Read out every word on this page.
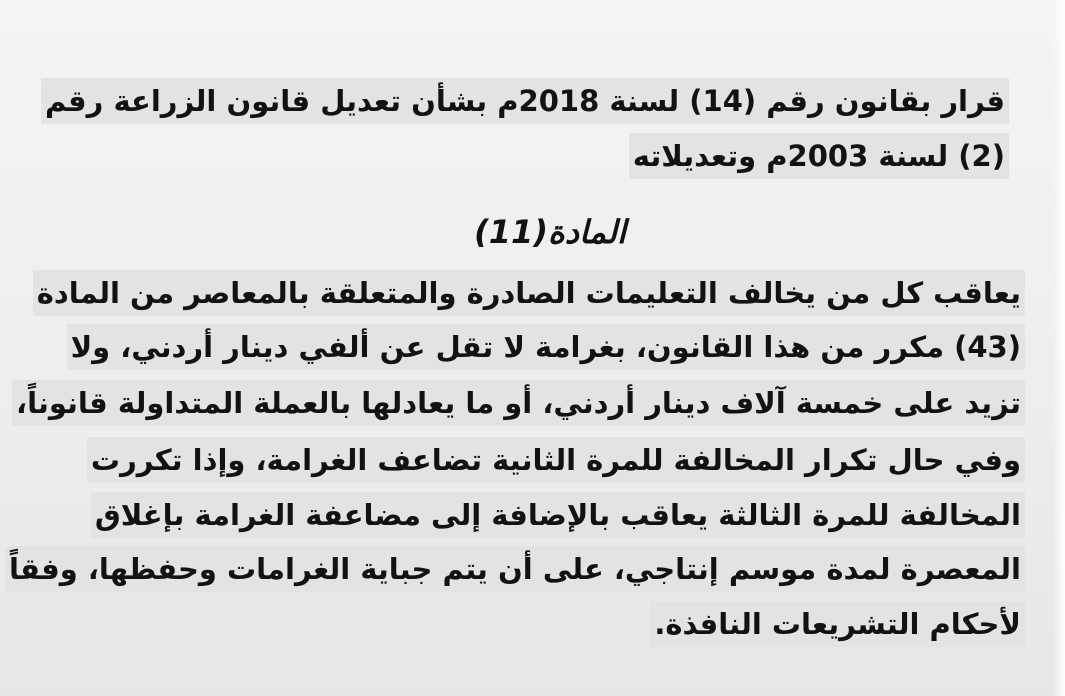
قرار بقانون رقم (14) لسنة 2018م بشأن تعديل قانون الزراعة رقم
(2) لسنة 2003م وتعديلاته
المادة(11)
يعاقب كل من يخالف التعليمات الصادرة والمتعلقة بالمعاصر من المادة
(43) مكرر من هذا القانون، بغرامة لا تقل عن ألفي دينار أردني، ولا
تزيد على خمسة آلاف دينار أردني، أو ما يعادلها بالعملة المتداولة قانوناً،
وفي حال تكرار المخالفة للمرة الثانية تضاعف الغرامة، وإذا تكررت
المخالفة للمرة الثالثة يعاقب بالإضافة إلى مضاعفة الغرامة بإغلاق
المعصرة لمدة موسم إنتاجي، على أن يتم جباية الغرامات وحفظها، وفقاً
لأحكام التشريعات النافذة.
